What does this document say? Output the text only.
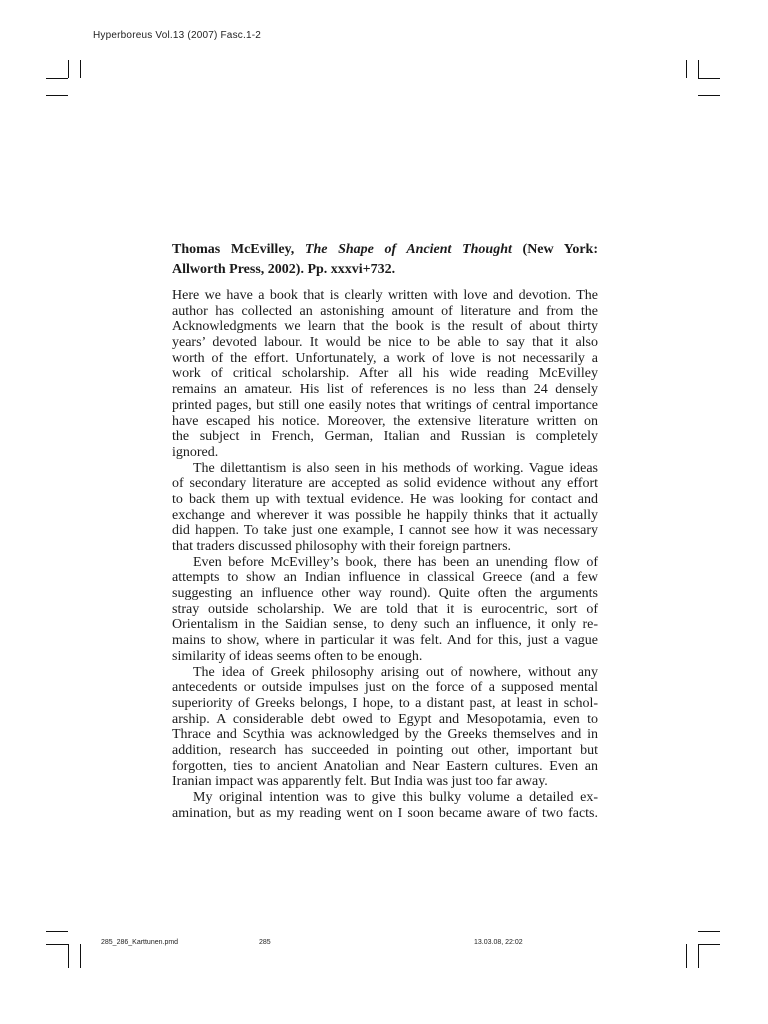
Hyperboreus Vol.13 (2007) Fasc.1-2
Thomas McEvilley, The Shape of Ancient Thought (New York:
Allworth Press, 2002). Pp. xxxvi+732.
Here we have a book that is clearly written with love and devotion. The
author has collected an astonishing amount of literature and from the
Acknowledgments we learn that the book is the result of about thirty
years’ devoted labour. It would be nice to be able to say that it also
worth of the effort. Unfortunately, a work of love is not necessarily a
work of critical scholarship. After all his wide reading McEvilley
remains an amateur. His list of references is no less than 24 densely
printed pages, but still one easily notes that writings of central importance
have escaped his notice. Moreover, the extensive literature written on
the subject in French, German, Italian and Russian is completely
ignored.
The dilettantism is also seen in his methods of working. Vague ideas
of secondary literature are accepted as solid evidence without any effort
to back them up with textual evidence. He was looking for contact and
exchange and wherever it was possible he happily thinks that it actually
did happen. To take just one example, I cannot see how it was necessary
that traders discussed philosophy with their foreign partners.
Even before McEvilley’s book, there has been an unending flow of
attempts to show an Indian influence in classical Greece (and a few
suggesting an influence other way round). Quite often the arguments
stray outside scholarship. We are told that it is eurocentric, sort of
Orientalism in the Saidian sense, to deny such an influence, it only re-
mains to show, where in particular it was felt. And for this, just a vague
similarity of ideas seems often to be enough.
The idea of Greek philosophy arising out of nowhere, without any
antecedents or outside impulses just on the force of a supposed mental
superiority of Greeks belongs, I hope, to a distant past, at least in schol-
arship. A considerable debt owed to Egypt and Mesopotamia, even to
Thrace and Scythia was acknowledged by the Greeks themselves and in
addition, research has succeeded in pointing out other, important but
forgotten, ties to ancient Anatolian and Near Eastern cultures. Even an
Iranian impact was apparently felt. But India was just too far away.
My original intention was to give this bulky volume a detailed ex-
amination, but as my reading went on I soon became aware of two facts.
285_286_Karttunen.pmd	285	13.03.08, 22:02
